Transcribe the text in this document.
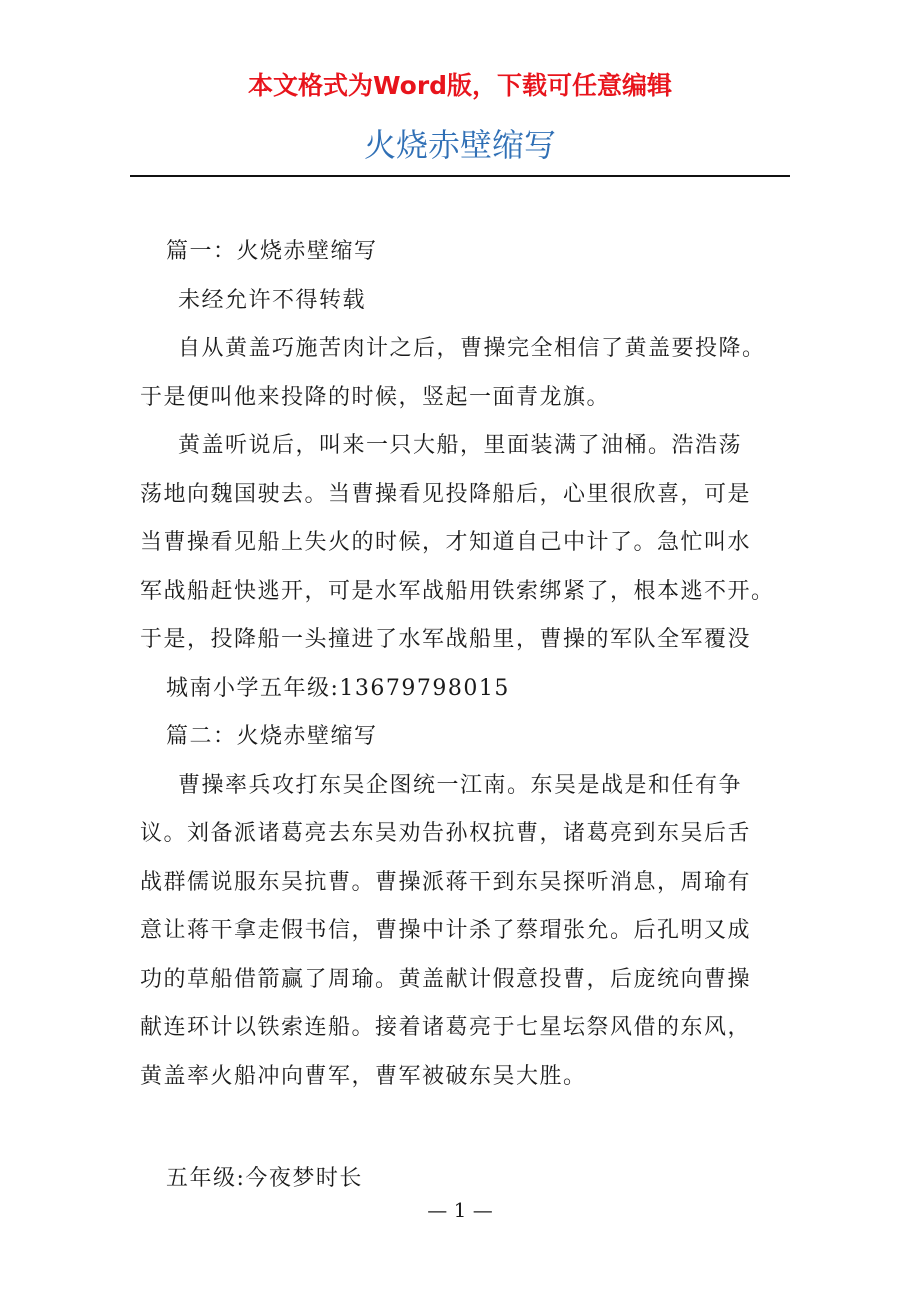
本文格式为Word版，下载可任意编辑
火烧赤壁缩写
篇一：火烧赤壁缩写
未经允许不得转载
自从黄盖巧施苦肉计之后，曹操完全相信了黄盖要投降。
于是便叫他来投降的时候，竖起一面青龙旗。
黄盖听说后，叫来一只大船，里面装满了油桶。浩浩荡
荡地向魏国驶去。当曹操看见投降船后，心里很欣喜，可是
当曹操看见船上失火的时候，才知道自己中计了。急忙叫水
军战船赶快逃开，可是水军战船用铁索绑紧了，根本逃不开。
于是，投降船一头撞进了水军战船里，曹操的军队全军覆没
城南小学五年级:13679798015
篇二：火烧赤壁缩写
曹操率兵攻打东吴企图统一江南。东吴是战是和任有争
议。刘备派诸葛亮去东吴劝告孙权抗曹，诸葛亮到东吴后舌
战群儒说服东吴抗曹。曹操派蒋干到东吴探听消息，周瑜有
意让蒋干拿走假书信，曹操中计杀了蔡瑁张允。后孔明又成
功的草船借箭赢了周瑜。黄盖献计假意投曹，后庞统向曹操
献连环计以铁索连船。接着诸葛亮于七星坛祭风借的东风，
黄盖率火船冲向曹军，曹军被破东吴大胜。
五年级:今夜梦时长
— 1 —
